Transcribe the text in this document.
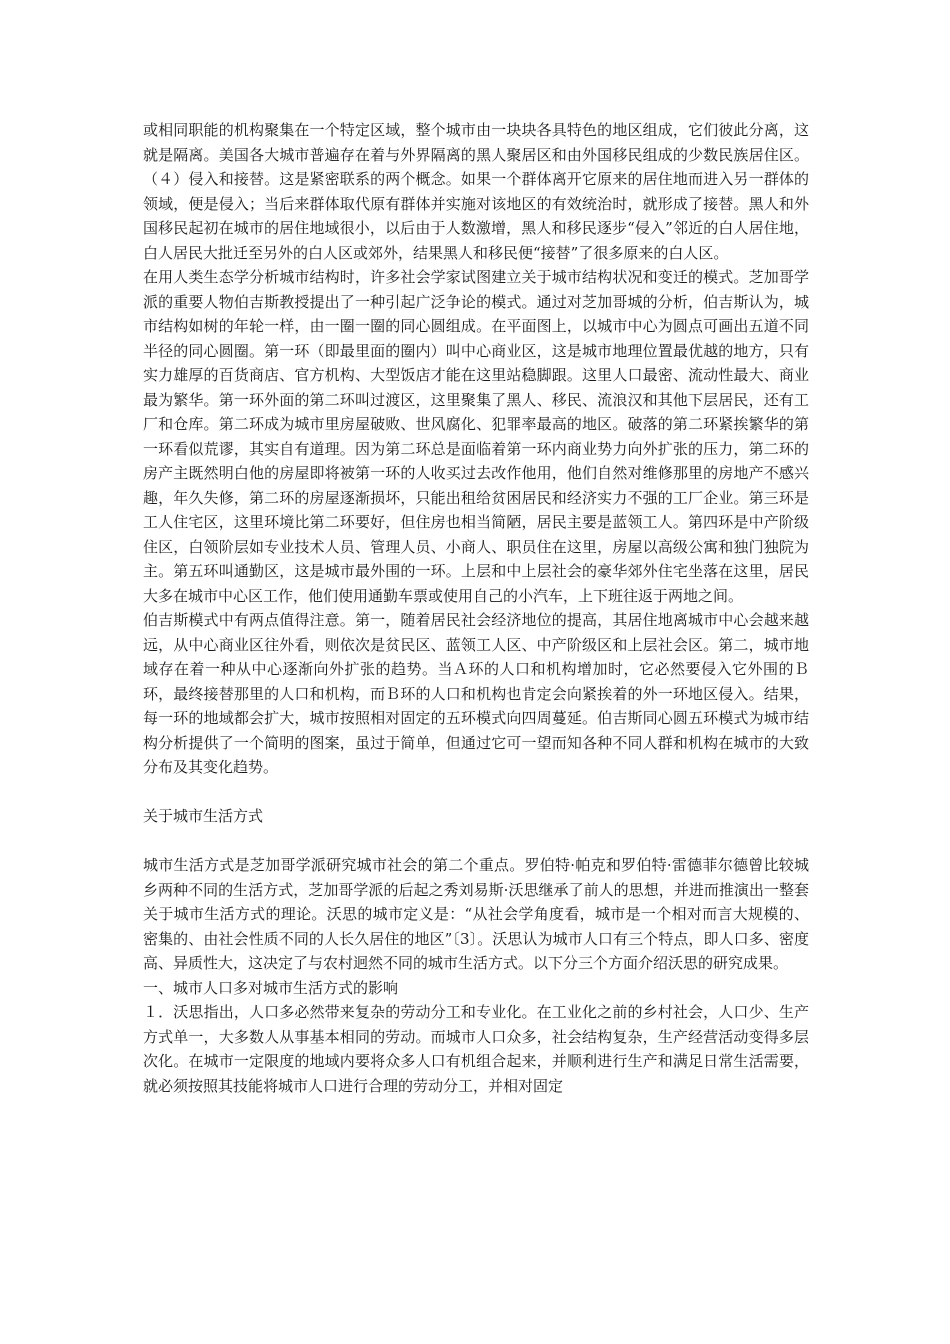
或相同职能的机构聚集在一个特定区域，整个城市由一块块各具特色的地区组成，它们彼此分离，这就是隔离。美国各大城市普遍存在着与外界隔离的黑人聚居区和由外国移民组成的少数民族居住区。（４）侵入和接替。这是紧密联系的两个概念。如果一个群体离开它原来的居住地而进入另一群体的领域，便是侵入；当后来群体取代原有群体并实施对该地区的有效统治时，就形成了接替。黑人和外国移民起初在城市的居住地域很小，以后由于人数激增，黑人和移民逐步“侵入”邻近的白人居住地，白人居民大批迁至另外的白人区或郊外，结果黑人和移民便“接替”了很多原来的白人区。

在用人类生态学分析城市结构时，许多社会学家试图建立关于城市结构状况和变迁的模式。芝加哥学派的重要人物伯吉斯教授提出了一种引起广泛争论的模式。通过对芝加哥城的分析，伯吉斯认为，城市结构如树的年轮一样，由一圈一圈的同心圆组成。在平面图上，以城市中心为圆点可画出五道不同半径的同心圆圈。第一环（即最里面的圈内）叫中心商业区，这是城市地理位置最优越的地方，只有实力雄厚的百货商店、官方机构、大型饭店才能在这里站稳脚跟。这里人口最密、流动性最大、商业最为繁华。第一环外面的第二环叫过渡区，这里聚集了黑人、移民、流浪汉和其他下层居民，还有工厂和仓库。第二环成为城市里房屋破败、世风腐化、犯罪率最高的地区。破落的第二环紧挨繁华的第一环看似荒谬，其实自有道理。因为第二环总是面临着第一环内商业势力向外扩张的压力，第二环的房产主既然明白他的房屋即将被第一环的人收买过去改作他用，他们自然对维修那里的房地产不感兴趣，年久失修，第二环的房屋逐渐损坏，只能出租给贫困居民和经济实力不强的工厂企业。第三环是工人住宅区，这里环境比第二环要好，但住房也相当简陋，居民主要是蓝领工人。第四环是中产阶级住区，白领阶层如专业技术人员、管理人员、小商人、职员住在这里，房屋以高级公寓和独门独院为主。第五环叫通勤区，这是城市最外围的一环。上层和中上层社会的豪华郊外住宅坐落在这里，居民大多在城市中心区工作，他们使用通勤车票或使用自己的小汽车，上下班往返于两地之间。

伯吉斯模式中有两点值得注意。第一，随着居民社会经济地位的提高，其居住地离城市中心会越来越远，从中心商业区往外看，则依次是贫民区、蓝领工人区、中产阶级区和上层社会区。第二，城市地域存在着一种从中心逐渐向外扩张的趋势。当Ａ环的人口和机构增加时，它必然要侵入它外围的Ｂ环，最终接替那里的人口和机构，而Ｂ环的人口和机构也肯定会向紧挨着的外一环地区侵入。结果，每一环的地域都会扩大，城市按照相对固定的五环模式向四周蔓延。伯吉斯同心圆五环模式为城市结构分析提供了一个简明的图案，虽过于简单，但通过它可一望而知各种不同人群和机构在城市的大致分布及其变化趋势。

关于城市生活方式

城市生活方式是芝加哥学派研究城市社会的第二个重点。罗伯特·帕克和罗伯特·雷德菲尔德曾比较城乡两种不同的生活方式，芝加哥学派的后起之秀刘易斯·沃思继承了前人的思想，并进而推演出一整套关于城市生活方式的理论。沃思的城市定义是：“从社会学角度看，城市是一个相对而言大规模的、密集的、由社会性质不同的人长久居住的地区”〔3〕。沃思认为城市人口有三个特点，即人口多、密度高、异质性大，这决定了与农村迥然不同的城市生活方式。以下分三个方面介绍沃思的研究成果。

一、城市人口多对城市生活方式的影响

１．沃思指出，人口多必然带来复杂的劳动分工和专业化。在工业化之前的乡村社会，人口少、生产方式单一，大多数人从事基本相同的劳动。而城市人口众多，社会结构复杂，生产经营活动变得多层次化。在城市一定限度的地域内要将众多人口有机组合起来，并顺利进行生产和满足日常生活需要，就必须按照其技能将城市人口进行合理的劳动分工，并相对固定
